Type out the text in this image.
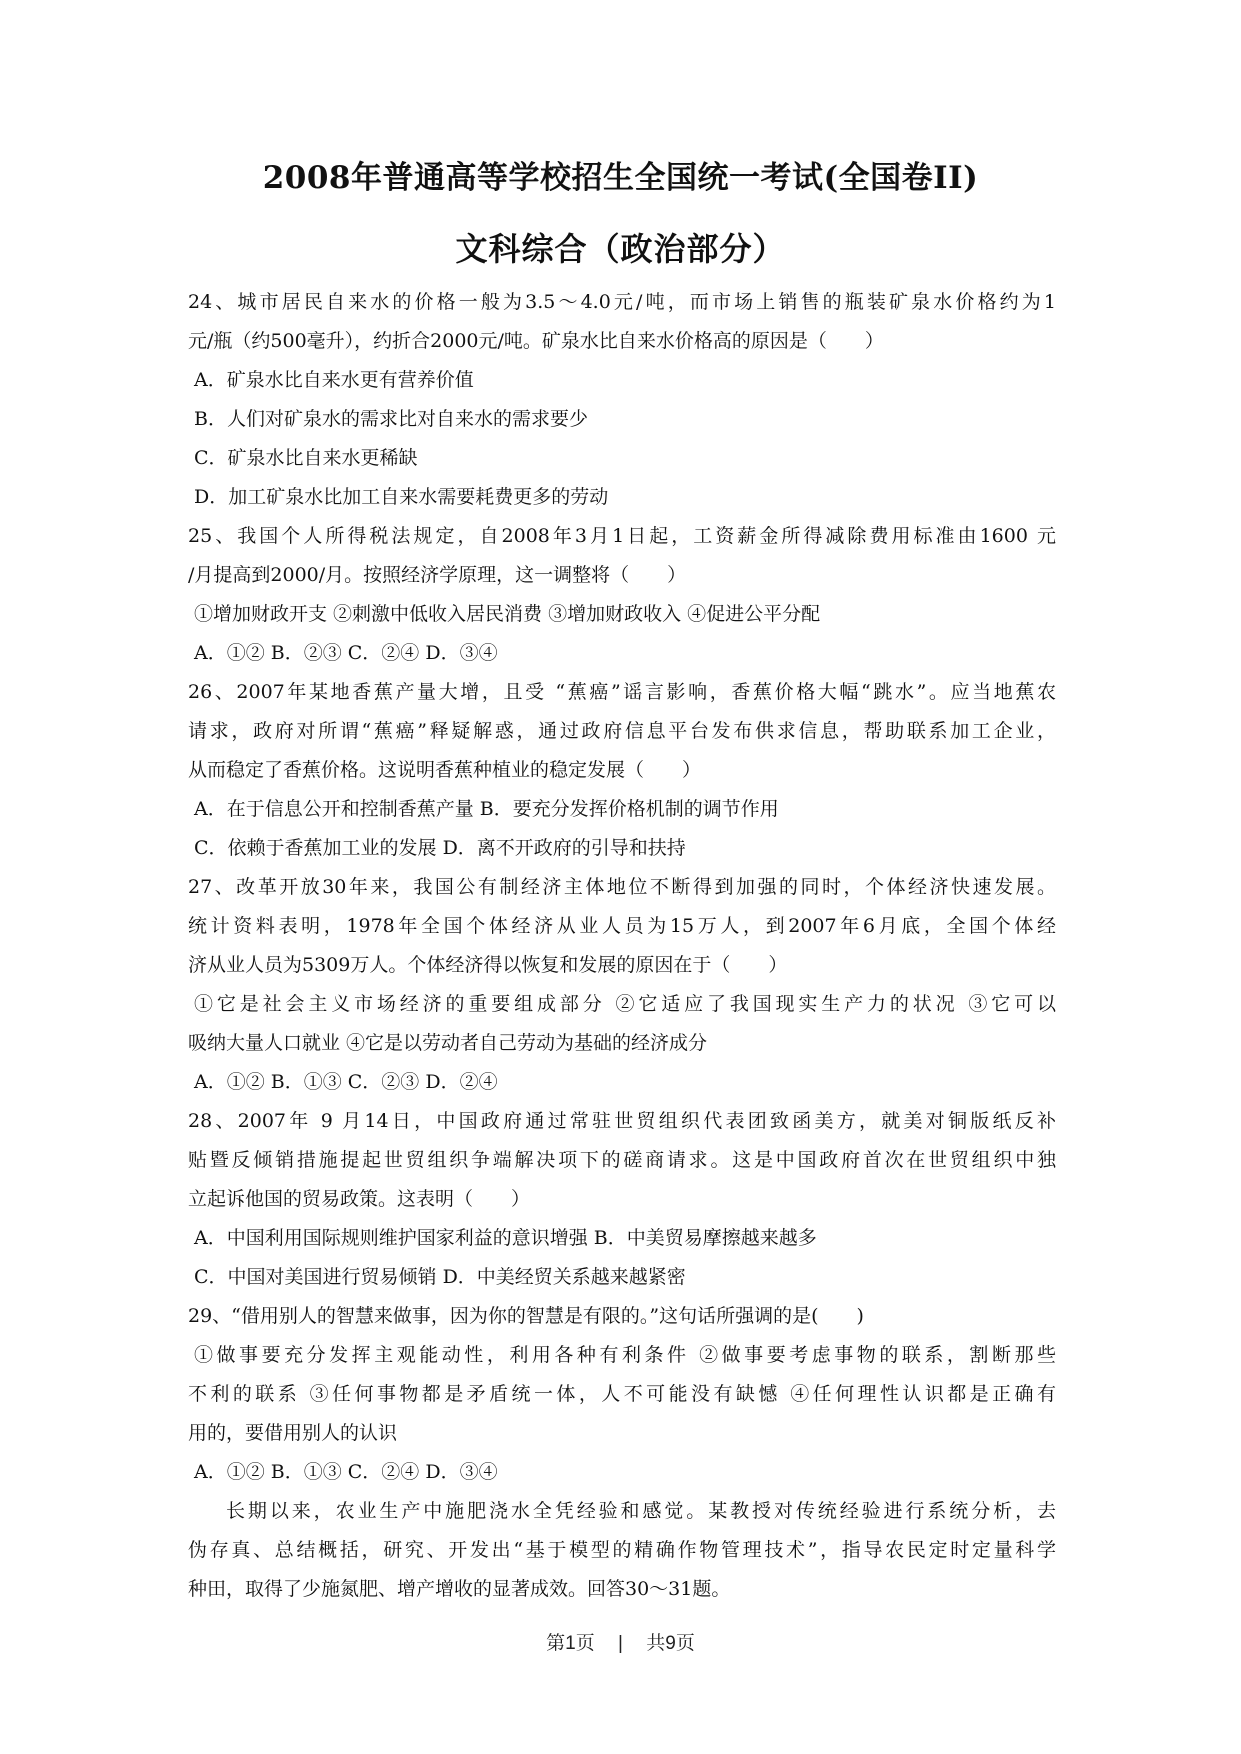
2008年普通高等学校招生全国统一考试(全国卷II)
文科综合（政治部分）
24、城市居民自来水的价格一般为3.5～4.0元/吨，而市场上销售的瓶装矿泉水价格约为1
元/瓶（约500毫升），约折合2000元/吨。矿泉水比自来水价格高的原因是（　　）
A．矿泉水比自来水更有营养价值
B．人们对矿泉水的需求比对自来水的需求要少
C．矿泉水比自来水更稀缺
D．加工矿泉水比加工自来水需要耗费更多的劳动
25、我国个人所得税法规定，自2008年3月1日起，工资薪金所得减除费用标准由1600 元
/月提高到2000/月。按照经济学原理，这一调整将（　　）
①增加财政开支 ②刺激中低收入居民消费 ③增加财政收入 ④促进公平分配
A．①② B．②③ C．②④ D．③④
26、2007年某地香蕉产量大增，且受 “蕉癌”谣言影响，香蕉价格大幅“跳水”。应当地蕉农
请求，政府对所谓“蕉癌”释疑解惑，通过政府信息平台发布供求信息，帮助联系加工企业，
从而稳定了香蕉价格。这说明香蕉种植业的稳定发展（　　）
A．在于信息公开和控制香蕉产量 B．要充分发挥价格机制的调节作用
C．依赖于香蕉加工业的发展 D．离不开政府的引导和扶持
27、改革开放30年来，我国公有制经济主体地位不断得到加强的同时，个体经济快速发展。
统计资料表明，1978年全国个体经济从业人员为15万人，到2007年6月底，全国个体经
济从业人员为5309万人。个体经济得以恢复和发展的原因在于（　　）
①它是社会主义市场经济的重要组成部分 ②它适应了我国现实生产力的状况 ③它可以
吸纳大量人口就业 ④它是以劳动者自己劳动为基础的经济成分
A．①② B．①③ C．②③ D．②④
28、2007年 9 月14日，中国政府通过常驻世贸组织代表团致函美方，就美对铜版纸反补
贴暨反倾销措施提起世贸组织争端解决项下的磋商请求。这是中国政府首次在世贸组织中独
立起诉他国的贸易政策。这表明（　　）
A．中国利用国际规则维护国家利益的意识增强 B．中美贸易摩擦越来越多
C．中国对美国进行贸易倾销 D．中美经贸关系越来越紧密
29、“借用别人的智慧来做事，因为你的智慧是有限的。”这句话所强调的是(　　)
①做事要充分发挥主观能动性，利用各种有利条件 ②做事要考虑事物的联系，割断那些
不利的联系 ③任何事物都是矛盾统一体，人不可能没有缺憾 ④任何理性认识都是正确有
用的，要借用别人的认识
A．①② B．①③ C．②④ D．③④
长期以来，农业生产中施肥浇水全凭经验和感觉。某教授对传统经验进行系统分析，去
伪存真、总结概括，研究、开发出“基于模型的精确作物管理技术”，指导农民定时定量科学
种田，取得了少施氮肥、增产增收的显著成效。回答30～31题。
第1页 | 共9页
